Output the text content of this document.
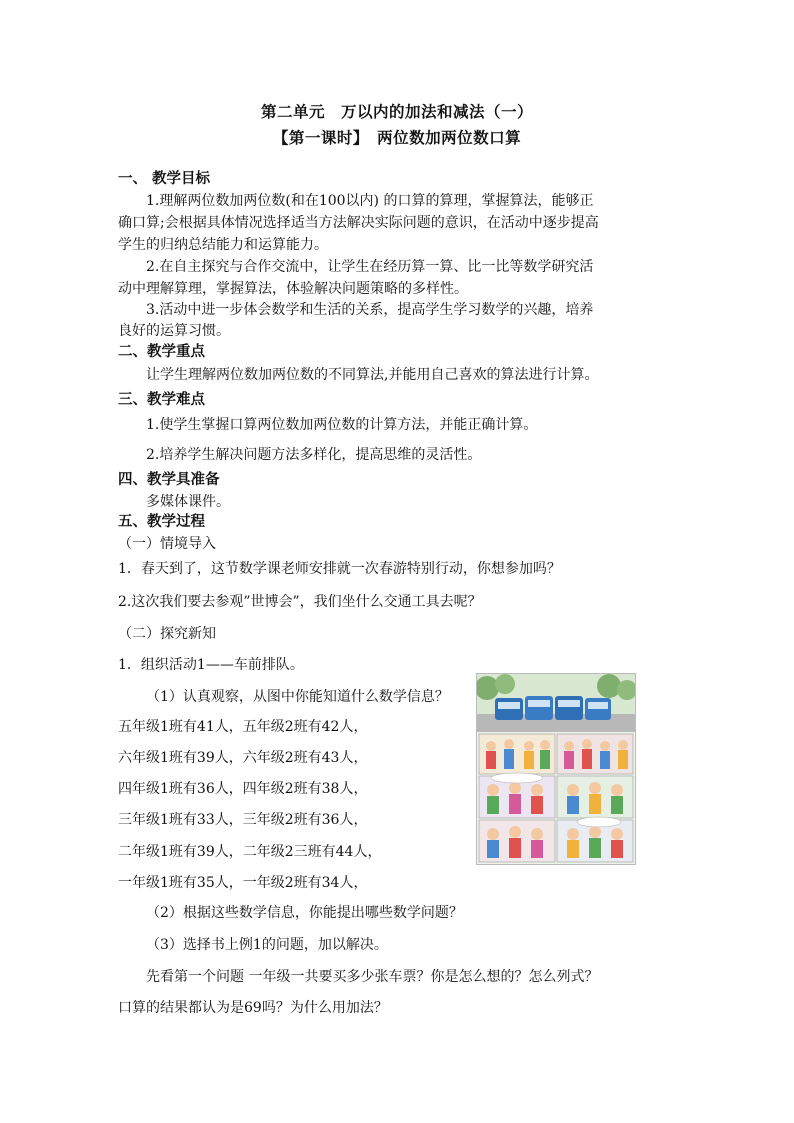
第二单元　万以内的加法和减法（一）
【第一课时】　两位数加两位数口算
一、 教学目标
1.理解两位数加两位数(和在100以内) 的口算的算理，掌握算法，能够正
确口算;会根据具体情况选择适当方法解决实际问题的意识，在活动中逐步提高
学生的归纳总结能力和运算能力。
2.在自主探究与合作交流中，让学生在经历算一算、比一比等数学研究活
动中理解算理，掌握算法，体验解决问题策略的多样性。
3.活动中进一步体会数学和生活的关系，提高学生学习数学的兴趣，培养
良好的运算习惯。
二、教学重点
让学生理解两位数加两位数的不同算法,并能用自己喜欢的算法进行计算。
三、教学难点
1.使学生掌握口算两位数加两位数的计算方法，并能正确计算。
2.培养学生解决问题方法多样化，提高思维的灵活性。
四、教学具准备
多媒体课件。
五、教学过程
（一）情境导入
1．春天到了，这节数学课老师安排就一次春游特别行动，你想参加吗？
2.这次我们要去参观”世博会”，我们坐什么交通工具去呢？
（二）探究新知
1．组织活动1——车前排队。
（1）认真观察，从图中你能知道什么数学信息？
五年级1班有41人，五年级2班有42人，
六年级1班有39人，六年级2班有43人，
四年级1班有36人，四年级2班有38人，
三年级1班有33人，三年级2班有36人，
二年级1班有39人，二年级2三班有44人，
一年级1班有35人，一年级2班有34人，
（2）根据这些数学信息，你能提出哪些数学问题？
（3）选择书上例1的问题，加以解决。
先看第一个问题 一年级一共要买多少张车票？你是怎么想的？怎么列式？
口算的结果都认为是69吗？为什么用加法？
